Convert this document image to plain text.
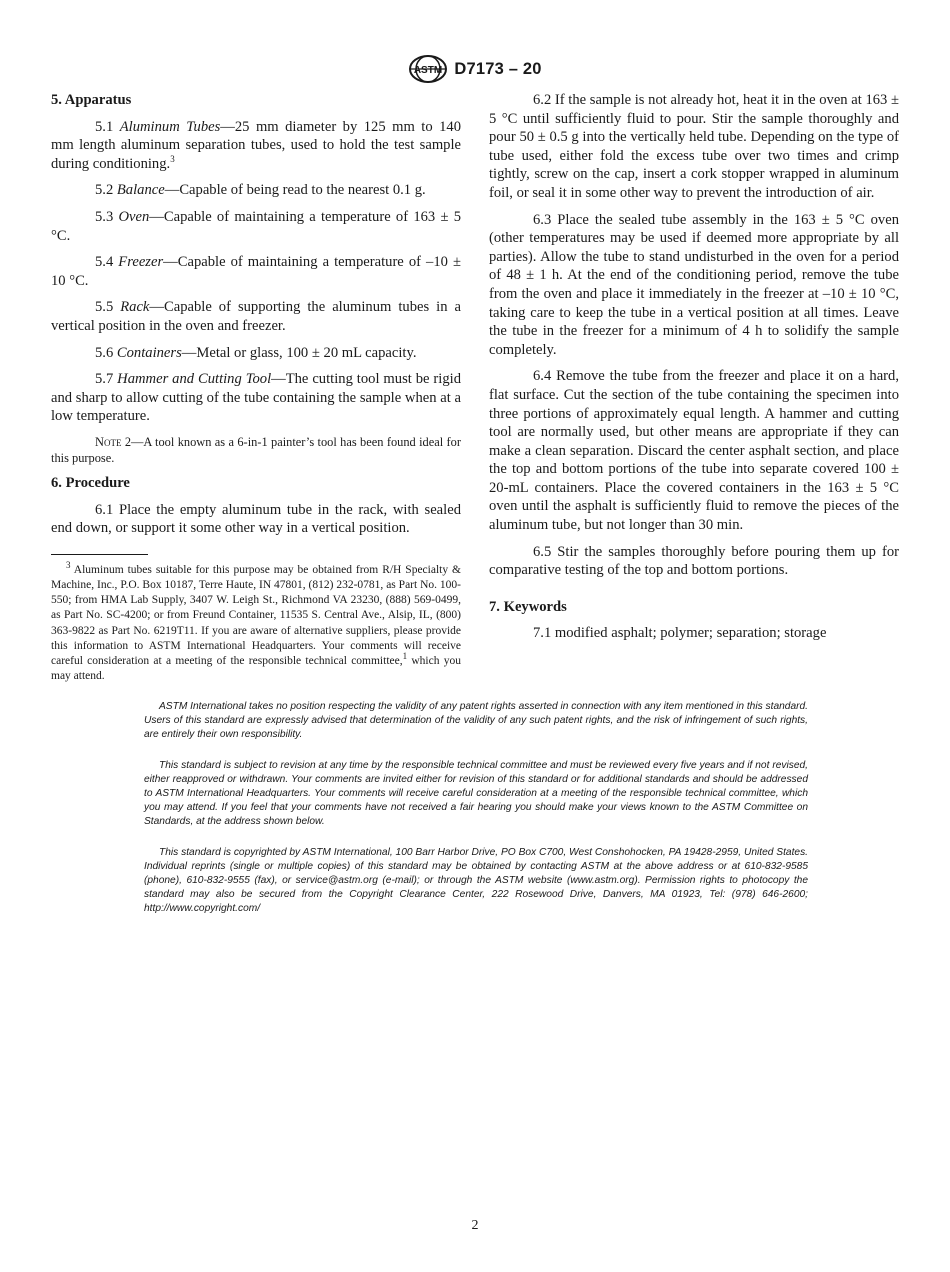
ASTM D7173 – 20
5. Apparatus

5.1 Aluminum Tubes—25 mm diameter by 125 mm to 140 mm length aluminum separation tubes, used to hold the test sample during conditioning.$^3$

5.2 Balance—Capable of being read to the nearest 0.1 g.

5.3 Oven—Capable of maintaining a temperature of 163 ± 5 °C.

5.4 Freezer—Capable of maintaining a temperature of –10 ± 10 °C.

5.5 Rack—Capable of supporting the aluminum tubes in a vertical position in the oven and freezer.

5.6 Containers—Metal or glass, 100 ± 20 mL capacity.

5.7 Hammer and Cutting Tool—The cutting tool must be rigid and sharp to allow cutting of the tube containing the sample when at a low temperature.

Note 2—A tool known as a 6-in-1 painter’s tool has been found ideal for this purpose.

6. Procedure

6.1 Place the empty aluminum tube in the rack, with sealed end down, or support it some other way in a vertical position.

$^3$ Aluminum tubes suitable for this purpose may be obtained from R/H Specialty & Machine, Inc., P.O. Box 10187, Terre Haute, IN 47801, (812) 232-0781, as Part No. 100-550; from HMA Lab Supply, 3407 W. Leigh St., Richmond VA 23230, (888) 569-0499, as Part No. SC-4200; or from Freund Container, 11535 S. Central Ave., Alsip, IL, (800) 363-9822 as Part No. 6219T11. If you are aware of alternative suppliers, please provide this information to ASTM International Headquarters. Your comments will receive careful consideration at a meeting of the responsible technical committee,$^1$ which you may attend.

6.2 If the sample is not already hot, heat it in the oven at 163 ± 5 °C until sufficiently fluid to pour. Stir the sample thoroughly and pour 50 ± 0.5 g into the vertically held tube. Depending on the type of tube used, either fold the excess tube over two times and crimp tightly, screw on the cap, insert a cork stopper wrapped in aluminum foil, or seal it in some other way to prevent the introduction of air.

6.3 Place the sealed tube assembly in the 163 ± 5 °C oven (other temperatures may be used if deemed more appropriate by all parties). Allow the tube to stand undisturbed in the oven for a period of 48 ± 1 h. At the end of the conditioning period, remove the tube from the oven and place it immediately in the freezer at –10 ± 10 °C, taking care to keep the tube in a vertical position at all times. Leave the tube in the freezer for a minimum of 4 h to solidify the sample completely.

6.4 Remove the tube from the freezer and place it on a hard, flat surface. Cut the section of the tube containing the specimen into three portions of approximately equal length. A hammer and cutting tool are normally used, but other means are appropriate if they can make a clean separation. Discard the center asphalt section, and place the top and bottom portions of the tube into separate covered 100 ± 20-mL containers. Place the covered containers in the 163 ± 5 °C oven until the asphalt is sufficiently fluid to remove the pieces of the aluminum tube, but not longer than 30 min.

6.5 Stir the samples thoroughly before pouring them up for comparative testing of the top and bottom portions.

7. Keywords

7.1 modified asphalt; polymer; separation; storage

ASTM International takes no position respecting the validity of any patent rights asserted in connection with any item mentioned in this standard. Users of this standard are expressly advised that determination of the validity of any such patent rights, and the risk of infringement of such rights, are entirely their own responsibility.

This standard is subject to revision at any time by the responsible technical committee and must be reviewed every five years and if not revised, either reapproved or withdrawn. Your comments are invited either for revision of this standard or for additional standards and should be addressed to ASTM International Headquarters. Your comments will receive careful consideration at a meeting of the responsible technical committee, which you may attend. If you feel that your comments have not received a fair hearing you should make your views known to the ASTM Committee on Standards, at the address shown below.

This standard is copyrighted by ASTM International, 100 Barr Harbor Drive, PO Box C700, West Conshohocken, PA 19428-2959, United States. Individual reprints (single or multiple copies) of this standard may be obtained by contacting ASTM at the above address or at 610-832-9585 (phone), 610-832-9555 (fax), or service@astm.org (e-mail); or through the ASTM website (www.astm.org). Permission rights to photocopy the standard may also be secured from the Copyright Clearance Center, 222 Rosewood Drive, Danvers, MA 01923, Tel: (978) 646-2600; http://www.copyright.com/

2
